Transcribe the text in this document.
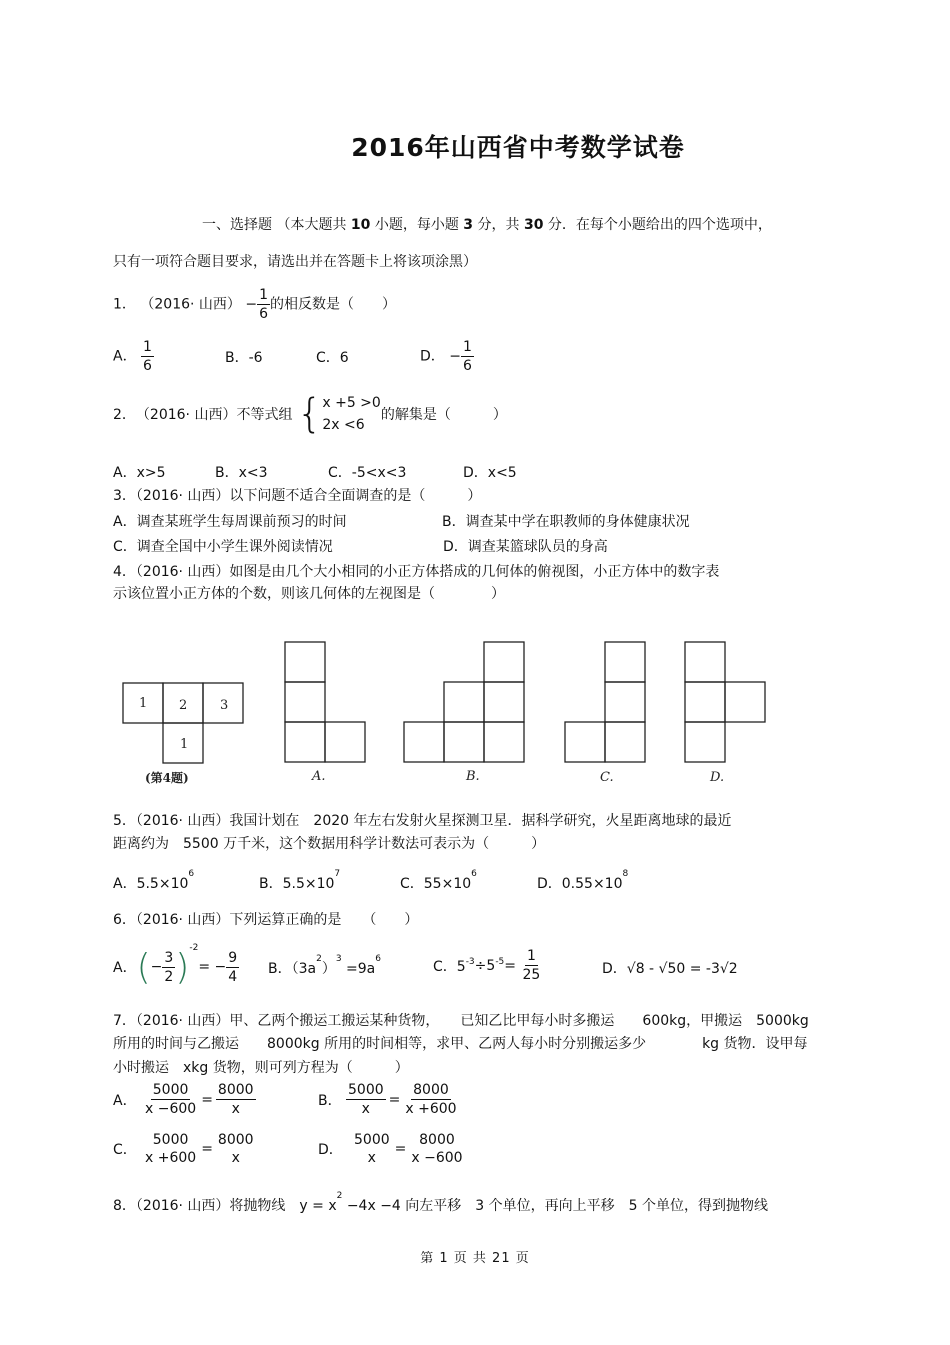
2016年山西省中考数学试卷
一、选择题 （本大题共 10 小题，每小题 3 分，共 30 分．在每个小题给出的四个选项中，
只有一项符合题目要求，请选出并在答题卡上将该项涂黑）
1． （2016· 山西） − $\frac{1}{6}$ 的相反数是（　　）
A． $\frac{1}{6}$	B．-6	C．6	D． − $\frac{1}{6}$
2．（2016· 山西）不等式组 { x +5 >0
2x <6
的解集是（　　　）
A．x>5	B．x<3	C．-5<x<3	D．x<5
3．（2016· 山西）以下问题不适合全面调查的是（　　　）
A．调查某班学生每周课前预习的时间	B．调查某中学在职教师的身体健康状况
C．调查全国中小学生课外阅读情况	D．调查某篮球队员的身高
4．（2016· 山西）如图是由几个大小相同的小正方体搭成的几何体的俯视图，小正方体中的数字表
示该位置小正方体的个数，则该几何体的左视图是（　　　　）
1 2	3
1
(第4题)	A.	B.	C.	D.
5．（2016· 山西）我国计划在　2020 年左右发射火星探测卫星．据科学研究，火星距离地球的最近
距离约为　5500 万千米，这个数据用科学计数法可表示为（　　　）
A．$5.5\times 10^6$
B．$5.5\times 10^7$
C．$55\times 10^6$
D．$0.55\times 10^8$
6．（2016· 山西）下列运算正确的是　　（　　）
A． ( − $\frac{3}{2} )^{-2}$
= − $\frac{9}{4}$ B．$(3a^2)^3 =9a^6$	C．$5^{-3} \div 5^{-5}$ =
$\frac{1}{25}$	D．√8 - √50 = -3√2
7．（2016· 山西）甲、乙两个搬运工搬运某种货物，　　已知乙比甲每小时多搬运　　600kg，甲搬运　5000kg
所用的时间与乙搬运　　8000kg 所用的时间相等，求甲、乙两人每小时分别搬运多少　　　　kg 货物．设甲每
小时搬运　xkg 货物，则可列方程为（　　　）
A． $\frac{5000}{x -600} = \frac{8000}{x}$	B． $\frac{5000}{x} = \frac{8000}{x +600}$
C．
5000
x +600
=
8000
x	D．
5000
x
=
8000
x −600
8．（2016· 山西）将抛物线　$y = x^2 -4x -4$ 向左平移　3 个单位，再向上平移　5 个单位，得到抛物线
第 1 页 共 21 页
